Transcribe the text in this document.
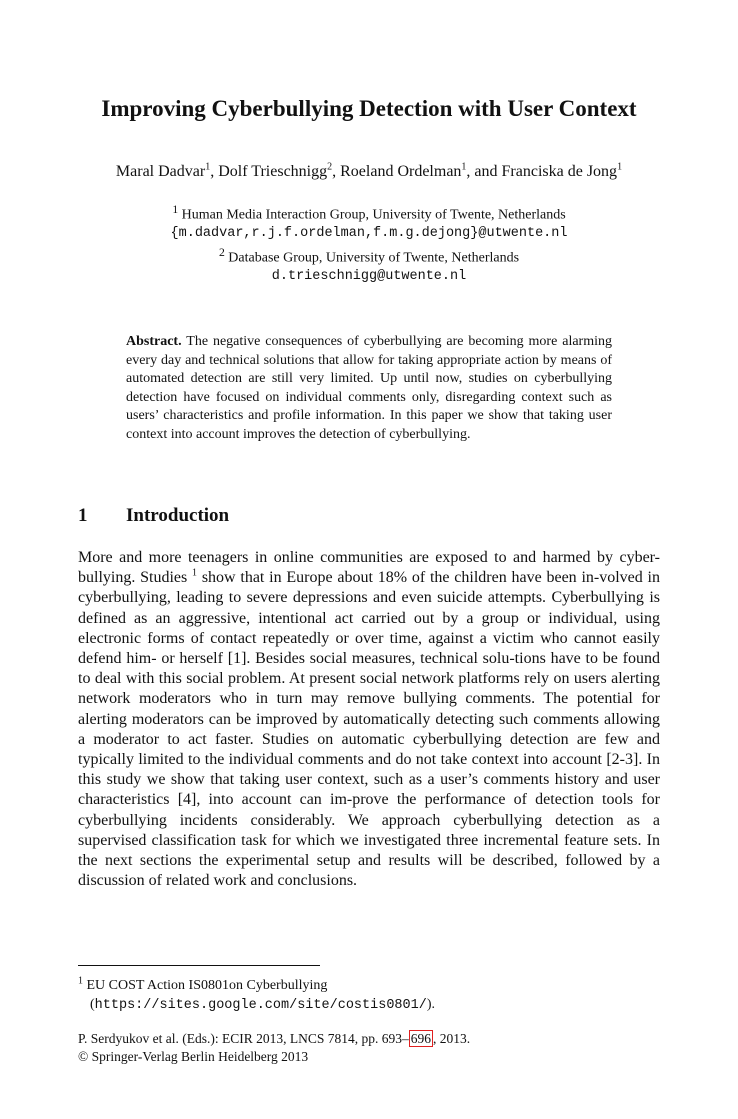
Improving Cyberbullying Detection with User Context
Maral Dadvar$^1$, Dolf Trieschnigg$^2$, Roeland Ordelman$^1$, and Franciska de Jong$^1$
$^1$ Human Media Interaction Group, University of Twente, Netherlands
{m.dadvar,r.j.f.ordelman,f.m.g.dejong}@utwente.nl
$^2$ Database Group, University of Twente, Netherlands
d.trieschnigg@utwente.nl
Abstract. The negative consequences of cyberbullying are becoming more alarming every day and technical solutions that allow for taking appropriate action by means of automated detection are still very limited. Up until now, studies on cyberbullying detection have focused on individual comments only, disregarding context such as users’ characteristics and profile information. In this paper we show that taking user context into account improves the detection of cyberbullying.
1 Introduction
More and more teenagers in online communities are exposed to and harmed by cyber-bullying. Studies $^1$ show that in Europe about 18% of the children have been in-volved in cyberbullying, leading to severe depressions and even suicide attempts. Cyberbullying is defined as an aggressive, intentional act carried out by a group or individual, using electronic forms of contact repeatedly or over time, against a victim who cannot easily defend him- or herself [1]. Besides social measures, technical solu-tions have to be found to deal with this social problem. At present social network platforms rely on users alerting network moderators who in turn may remove bullying comments. The potential for alerting moderators can be improved by automatically detecting such comments allowing a moderator to act faster. Studies on automatic cyberbullying detection are few and typically limited to the individual comments and do not take context into account [2-3]. In this study we show that taking user context, such as a user’s comments history and user characteristics [4], into account can im-prove the performance of detection tools for cyberbullying incidents considerably. We approach cyberbullying detection as a supervised classification task for which we investigated three incremental feature sets. In the next sections the experimental setup and results will be described, followed by a discussion of related work and conclusions.
$^1$ EU COST Action IS0801on Cyberbullying
(https://sites.google.com/site/costis0801/).
P. Serdyukov et al. (Eds.): ECIR 2013, LNCS 7814, pp. 693– 696 , 2013.
© Springer-Verlag Berlin Heidelberg 2013
